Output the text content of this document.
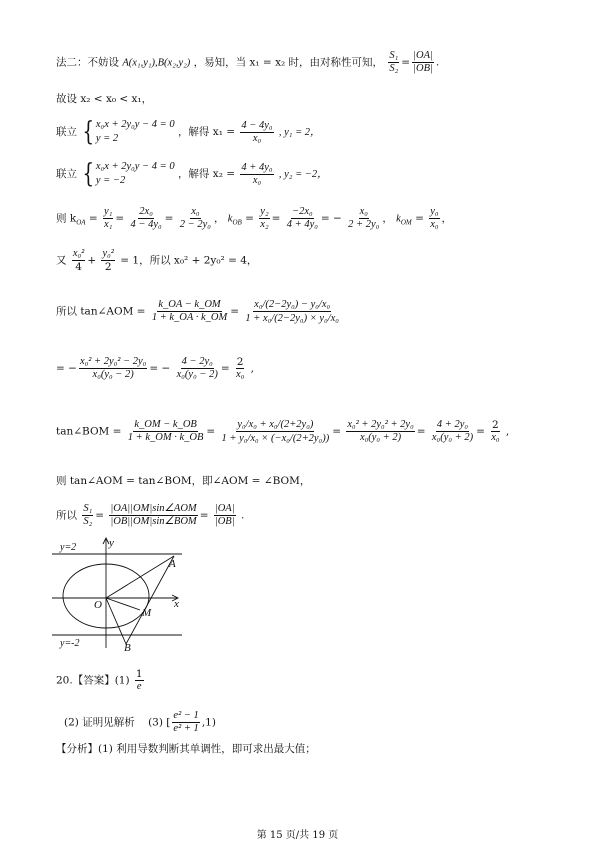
法二：不妨设 A(x₁,y₁),B(x₂,y₂) ，易知，当 x₁ = x₂ 时，由对称性可知， $\frac{\text{S₁}}{\text{S₂}} = \frac{|OA|}{|OB|}$ .
故设 x₂ < x₀ < x₁，
联立 { x₀x + 2y₀y − 4 = 0
y = 2
，解得 $x_1 = \frac{\text{4 − 4y₀}}{\text{x₀}}$ , y₁ = 2，
联立 { x₀x + 2y₀y − 4 = 0
y = −2
，解得 $x_2 = \frac{\text{4 + 4y₀}}{\text{x₀}}$ , y₂ = −2，
则 $k_{OA} = \frac{\text{y₁}}{\text{x₁}} = \frac{\text{2x₀}}{\text{4 − 4y₀}} = \frac{\text{x₀}}{\text{2 − 2y₀}}$ ， $k_{OB} = \frac{\text{y₂}}{\text{x₂}} = \frac{\text{−2x₀}}{\text{4 + 4y₀}}$ = − $\frac{\text{x₀}}{\text{2 + 2y₀}}$ ， $k_{OM} = \frac{\text{y₀}}{\text{x₀}}$ ，
又 $\frac{\text{x₀²}}{4} + \frac{\text{y₀²}}{2} = 1$，所以 x₀² + 2y₀² = 4，
所以 tan∠AOM = $\frac{k\_OA - k\_OM}{1 + k\_OA \cdot k\_OM} = \frac{\text{x₀/(2−2y₀) − y₀/x₀}}{\text{1 + x₀/(2−2y₀) × y₀/x₀}}$
= − $\frac{\text{x₀² + 2y₀² − 2y₀}}{\text{x₀(y₀ − 2)}}$ = − $\frac{\text{4 − 2y₀}}{\text{x₀(y₀ − 2)}} = \frac{2}{\text{x₀}}$ ,
tan∠BOM = $\frac{k\_OM - k\_OB}{1 + k\_OM \cdot k\_OB} = \frac{\text{y₀/x₀ + x₀/(2+2y₀)}}{\text{1 + y₀/x₀ × (−x₀/(2+2y₀))}} = \frac{\text{x₀² + 2y₀² + 2y₀}}{\text{x₀(y₀ + 2)}} = \frac{\text{4 + 2y₀}}{\text{x₀(y₀ + 2)}} = \frac{2}{\text{x₀}}$ ,
则 tan∠AOM = tan∠BOM，即∠AOM = ∠BOM，
所以 $\frac{\text{S₁}}{\text{S₂}} = \frac{\text{|OA||OM|sin∠AOM}}{\text{|OB||OM|sin∠BOM}} = \frac{|OA|}{|OB|}$ .
y
x
O
y=2
y=-2
A
B
M
20.【答案】$(1) \frac{1}{e}$
(2) 证明见解析 (3) [ $\frac{\text{e² − 1}}{\text{e² + 1}} ,1$)
【分析】(1) 利用导数判断其单调性，即可求出最大值；
第 15 页/共 19 页
